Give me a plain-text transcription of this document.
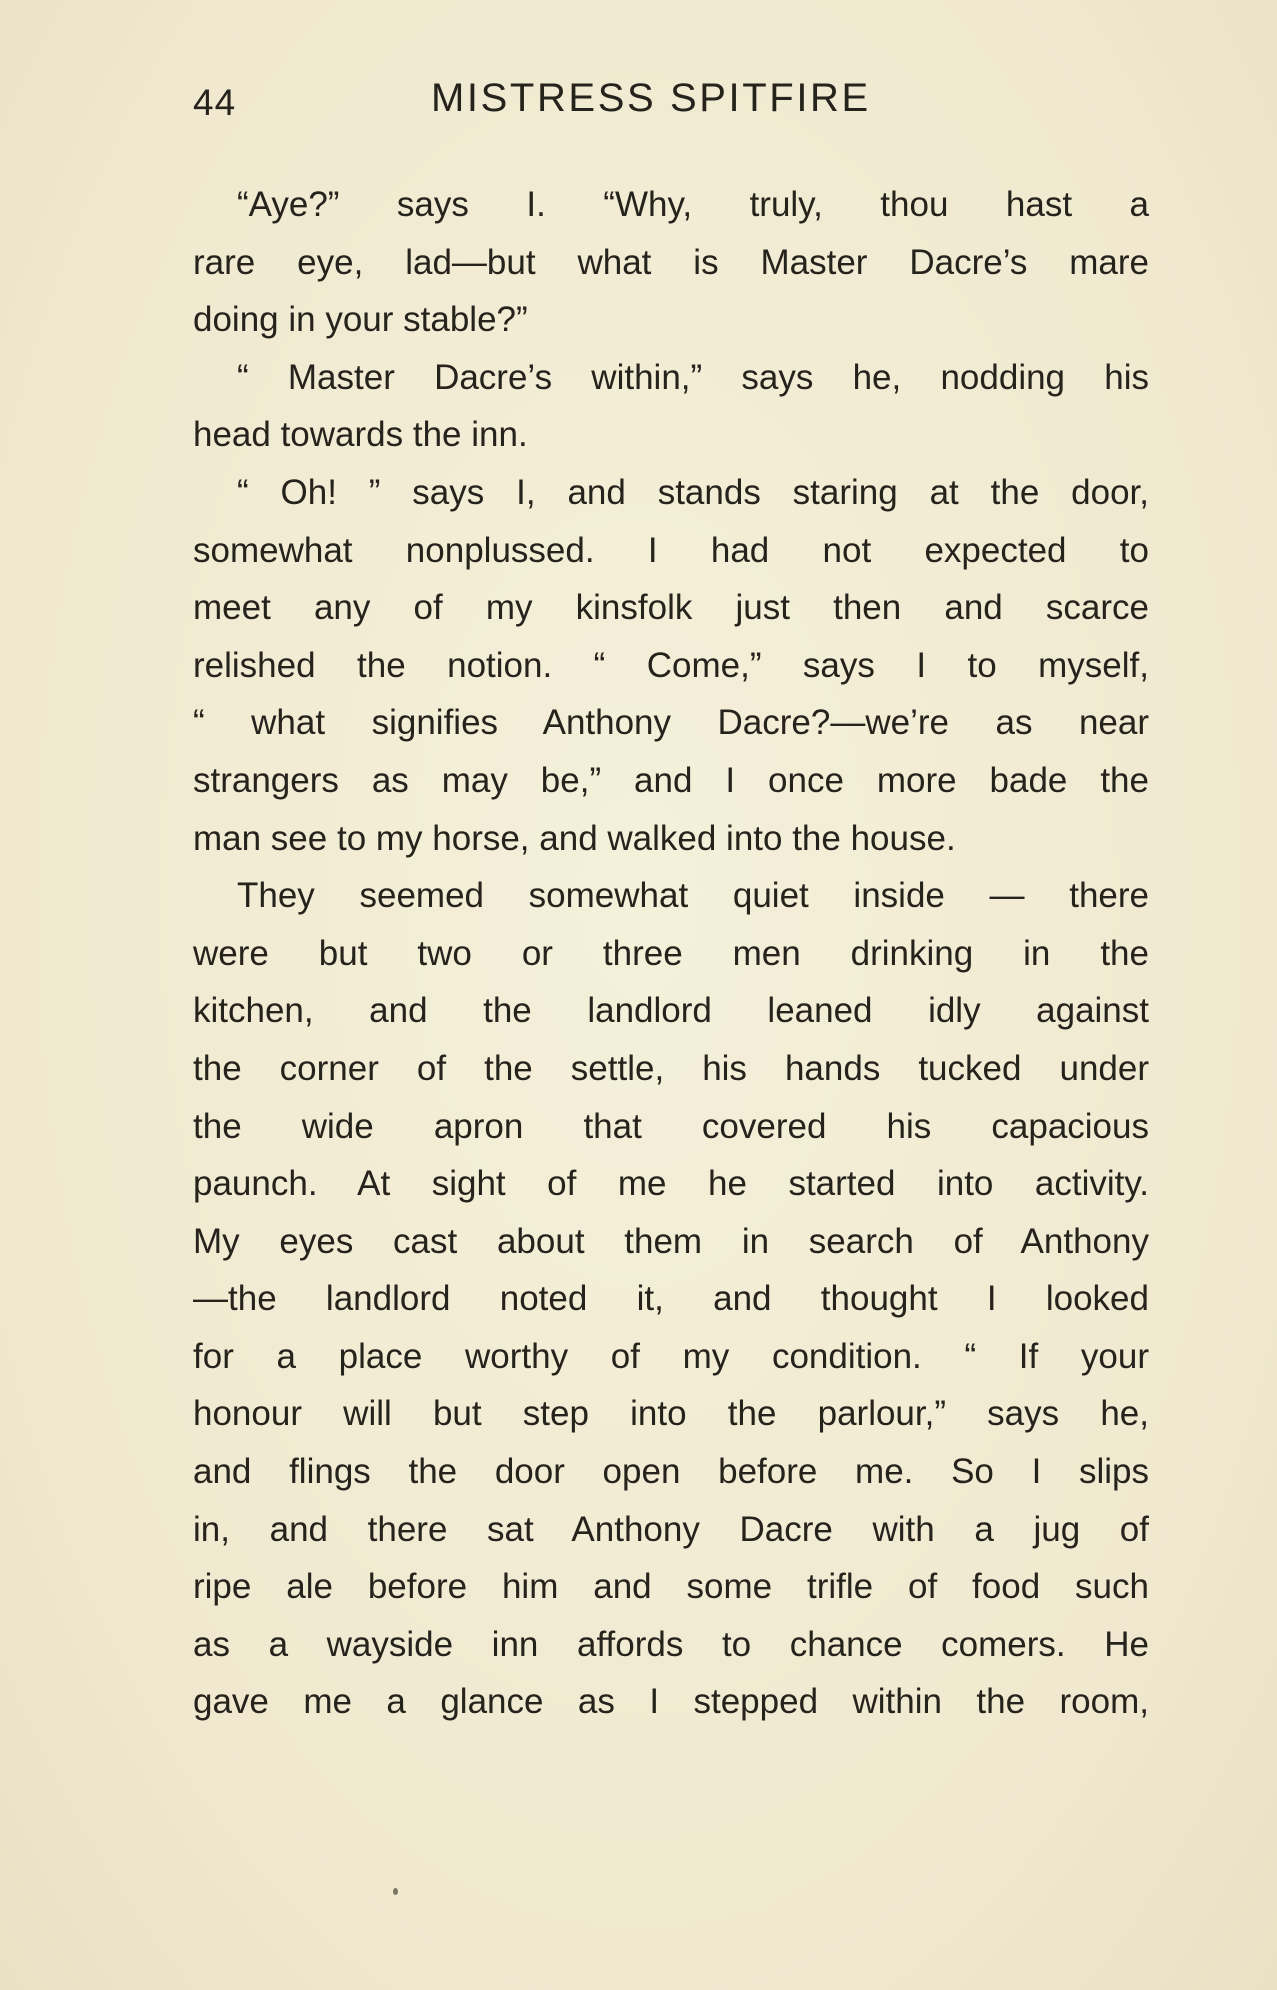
44	MISTRESS SPITFIRE
“Aye?” says I. “Why, truly, thou hast a
rare eye, lad—but what is Master Dacre’s mare
doing in your stable?”
“ Master Dacre’s within,” says he, nodding his
head towards the inn.
“ Oh! ” says I, and stands staring at the door,
somewhat nonplussed. I had not expected to
meet any of my kinsfolk just then and scarce
relished the notion. “ Come,” says I to myself,
“ what signifies Anthony Dacre?—we’re as near
strangers as may be,” and I once more bade the
man see to my horse, and walked into the house.
They seemed somewhat quiet inside — there
were but two or three men drinking in the
kitchen, and the landlord leaned idly against
the corner of the settle, his hands tucked under
the wide apron that covered his capacious
paunch. At sight of me he started into activity.
My eyes cast about them in search of Anthony
—the landlord noted it, and thought I looked
for a place worthy of my condition. “ If your
honour will but step into the parlour,” says he,
and flings the door open before me. So I slips
in, and there sat Anthony Dacre with a jug of
ripe ale before him and some trifle of food such
as a wayside inn affords to chance comers. He
gave me a glance as I stepped within the room,
